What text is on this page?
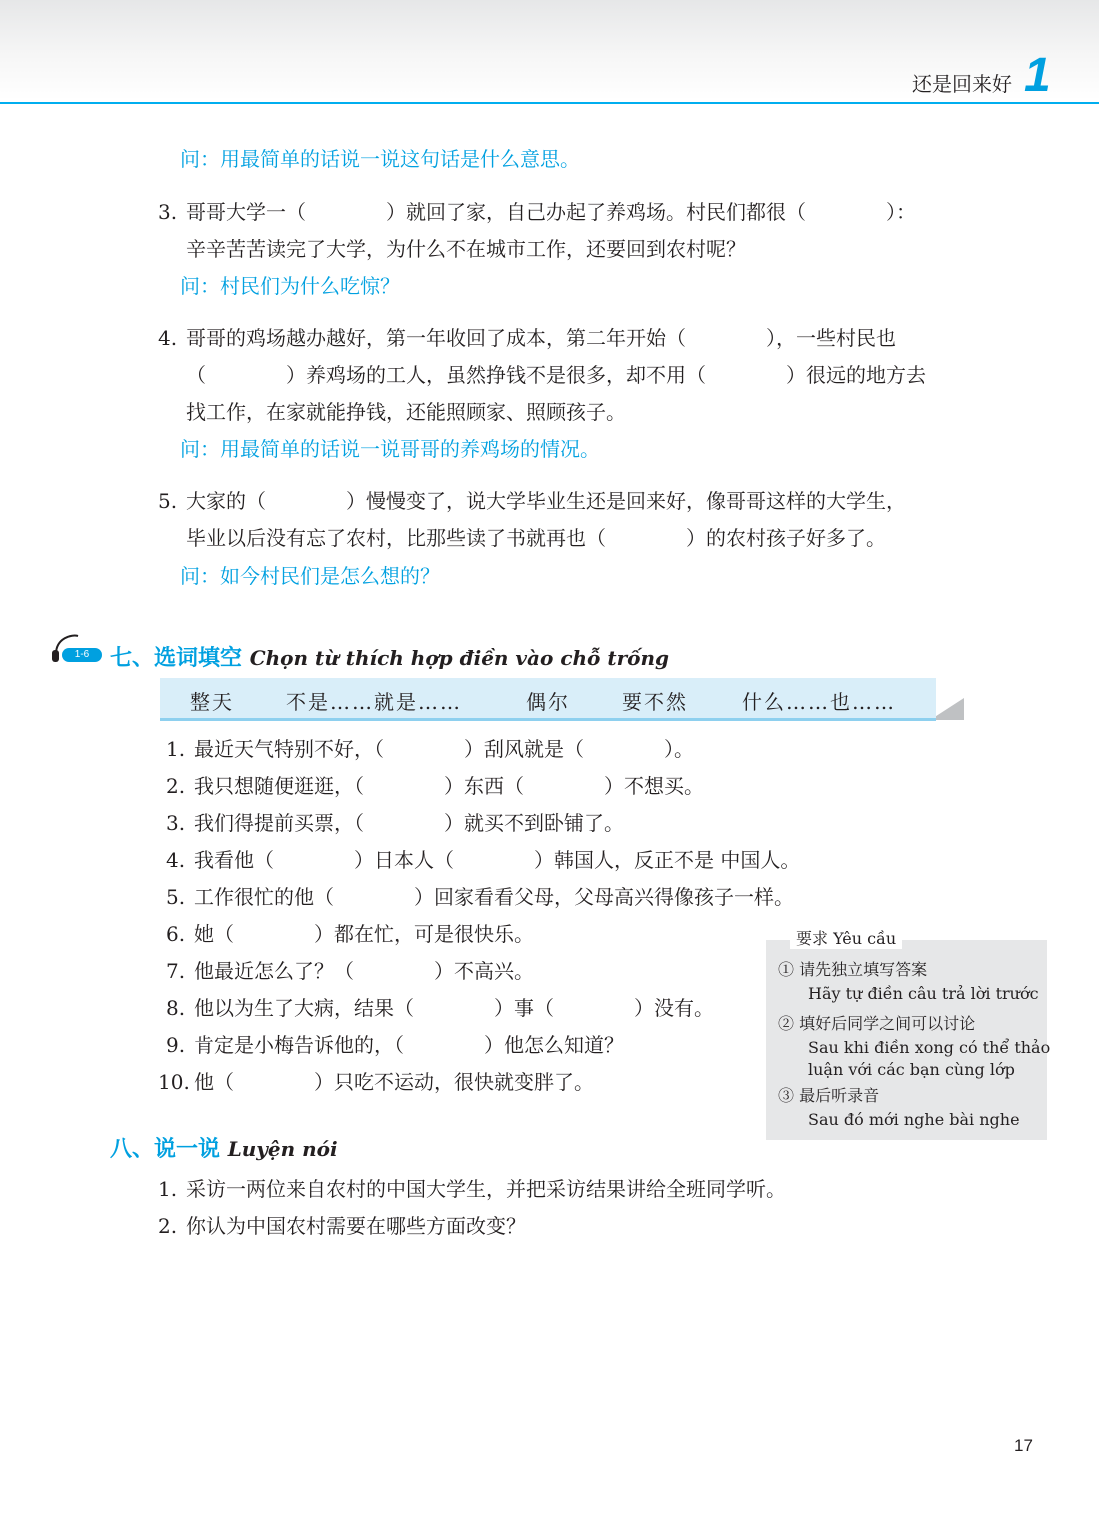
还是回来好 1
问：用最简单的话说一说这句话是什么意思。
3. 哥哥大学一（　　　　）就回了家，自己办起了养鸡场。村民们都很（　　　　）：
辛辛苦苦读完了大学，为什么不在城市工作，还要回到农村呢？
问：村民们为什么吃惊？
4. 哥哥的鸡场越办越好，第一年收回了成本，第二年开始（　　　　），一些村民也
（　　　　）养鸡场的工人，虽然挣钱不是很多，却不用（　　　　）很远的地方去
找工作，在家就能挣钱，还能照顾家、照顾孩子。
问：用最简单的话说一说哥哥的养鸡场的情况。
5. 大家的（　　　　）慢慢变了，说大学毕业生还是回来好，像哥哥这样的大学生，
毕业以后没有忘了农村，比那些读了书就再也（　　　　）的农村孩子好多了。
问：如今村民们是怎么想的？
1-6 七、选词填空 Chọn từ thích hợp điền vào chỗ trống
整天	不是……就是……	偶尔	要不然	什么……也……
要求 Yêu cầu
① 请先独立填写答案
Hãy tự điền câu trả lời trước
② 填好后同学之间可以讨论
Sau khi điền xong có thể thảo
luận với các bạn cùng lớp
③ 最后听录音
Sau đó mới nghe bài nghe
1. 最近天气特别不好，（　　　　）刮风就是（　　　　）。
2. 我只想随便逛逛，（　　　　）东西（　　　　）不想买。
3. 我们得提前买票，（　　　　）就买不到卧铺了。
4. 我看他（　　　　）日本人（　　　　）韩国人，反正不是 中国人。
5. 工作很忙的他（　　　　）回家看看父母，父母高兴得像孩子一样。
6. 她（　　　　）都在忙，可是很快乐。
7. 他最近怎么了？（　　　　）不高兴。
8. 他以为生了大病，结果（　　　　）事（　　　　）没有。
9. 肯定是小梅告诉他的，（　　　　）他怎么知道？
10. 他（　　　　）只吃不运动，很快就变胖了。
八、说一说 Luyện nói
1. 采访一两位来自农村的中国大学生，并把采访结果讲给全班同学听。
2. 你认为中国农村需要在哪些方面改变？
17
